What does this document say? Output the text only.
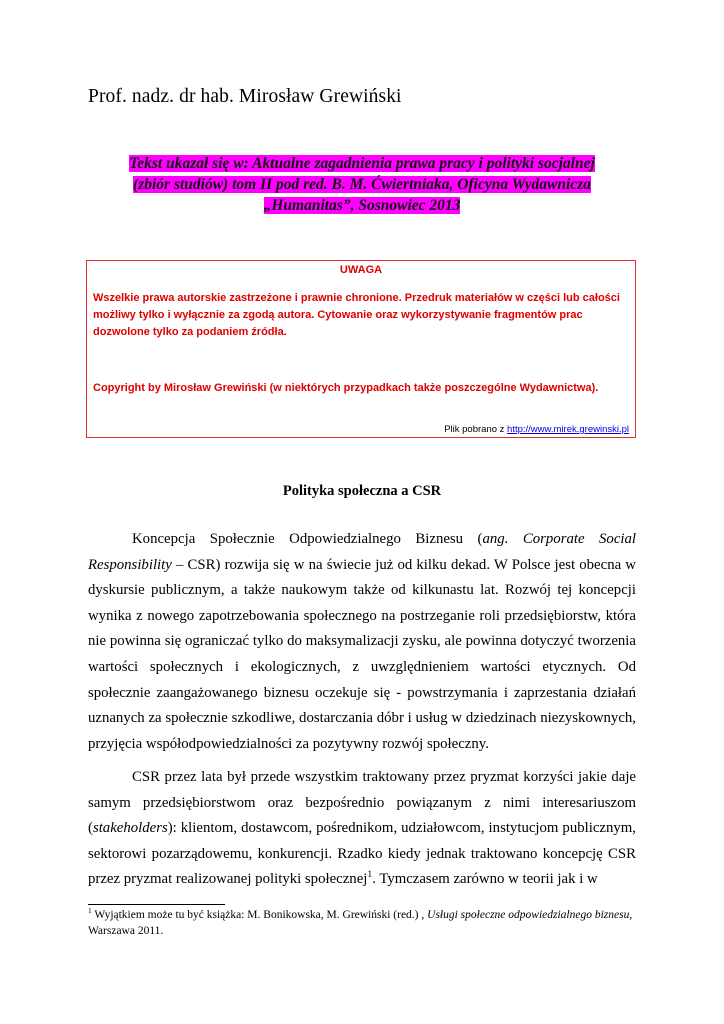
Prof. nadz. dr hab. Mirosław Grewiński
Tekst ukazał się w: Aktualne zagadnienia prawa pracy i polityki socjalnej
(zbiór studiów) tom II pod red. B. M. Ćwiertniaka, Oficyna Wydawnicza
„Humanitas”, Sosnowiec 2013
UWAGA
Wszelkie prawa autorskie zastrzeżone i prawnie chronione. Przedruk materiałów w części lub całości możliwy tylko i wyłącznie za zgodą autora. Cytowanie oraz wykorzystywanie fragmentów prac dozwolone tylko za podaniem źródła.
Copyright by Mirosław Grewiński (w niektórych przypadkach także poszczególne Wydawnictwa).
Plik pobrano z http://www.mirek.grewinski.pl
Polityka społeczna a CSR

Koncepcja Społecznie Odpowiedzialnego Biznesu (ang. Corporate Social Responsibility – CSR) rozwija się w na świecie już od kilku dekad. W Polsce jest obecna w dyskursie publicznym, a także naukowym także od kilkunastu lat. Rozwój tej koncepcji wynika z nowego zapotrzebowania społecznego na postrzeganie roli przedsiębiorstw, która nie powinna się ograniczać tylko do maksymalizacji zysku, ale powinna dotyczyć tworzenia wartości społecznych i ekologicznych, z uwzględnieniem wartości etycznych. Od społecznie zaangażowanego biznesu oczekuje się - powstrzymania i zaprzestania działań uznanych za społecznie szkodliwe, dostarczania dóbr i usług w dziedzinach niezyskownych, przyjęcia współodpowiedzialności za pozytywny rozwój społeczny.

CSR przez lata był przede wszystkim traktowany przez pryzmat korzyści jakie daje samym przedsiębiorstwom oraz bezpośrednio powiązanym z nimi interesariuszom (stakeholders): klientom, dostawcom, pośrednikom, udziałowcom, instytucjom publicznym, sektorowi pozarządowemu, konkurencji. Rzadko kiedy jednak traktowano koncepcję CSR przez pryzmat realizowanej polityki społecznej$^1$. Tymczasem zarówno w teorii jak i w

$^1$ Wyjątkiem może tu być książka: M. Bonikowska, M. Grewiński (red.) , Usługi społeczne odpowiedzialnego biznesu, Warszawa 2011.
